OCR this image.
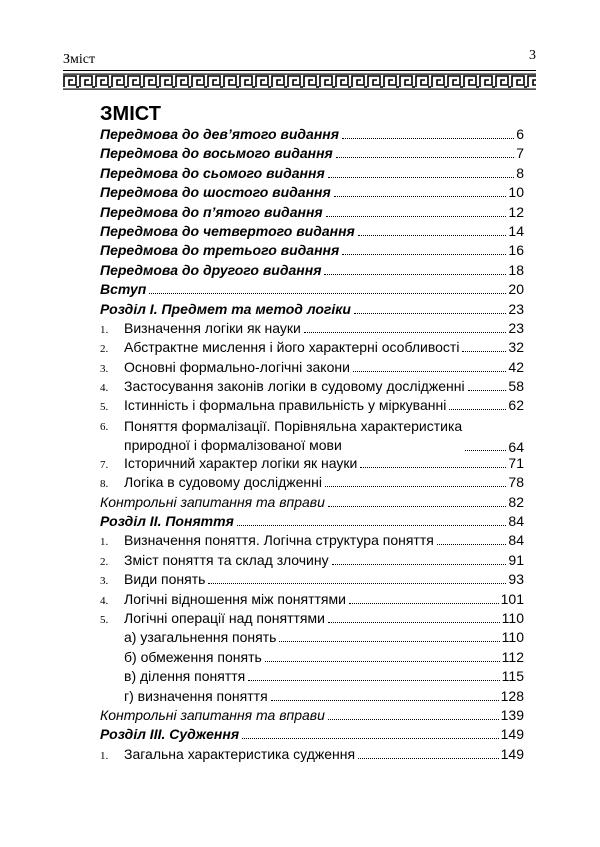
Зміст	3
ЗМІСТ
Передмова до дев’ятого видання	6
Передмова до восьмого видання	7
Передмова до сьомого видання	8
Передмова до шостого видання	10
Передмова до п’ятого видання	12
Передмова до четвертого видання	14
Передмова до третього видання	16
Передмова до другого видання	18
Вступ	20
Розділ І. Предмет та метод логіки	23
1.	Визначення логіки як науки	23
2.	Абстрактне мислення і його характерні особливості	32
3.	Основні формально-логічні закони	42
4.	Застосування законів логіки в судовому дослідженні	58
5.	Істинність і формальна правильність у міркуванні	62
6.	Поняття формалізації. Порівняльна характеристика
природної і формалізованої мови	64
7.	Історичний характер логіки як науки	71
8.	Логіка в судовому дослідженні	78
Контрольні запитання та вправи	82
Розділ ІІ. Поняття	84
1.	Визначення поняття. Логічна структура поняття	84
2.	Зміст поняття та склад злочину	91
3.	Види понять	93
4.	Логічні відношення між поняттями	101
5.	Логічні операції над поняттями	110
а) узагальнення понять	110
б) обмеження понять	112
в) ділення поняття	115
г) визначення поняття	128
Контрольні запитання та вправи	139
Розділ ІІІ. Судження	149
1.	Загальна характеристика судження	149
